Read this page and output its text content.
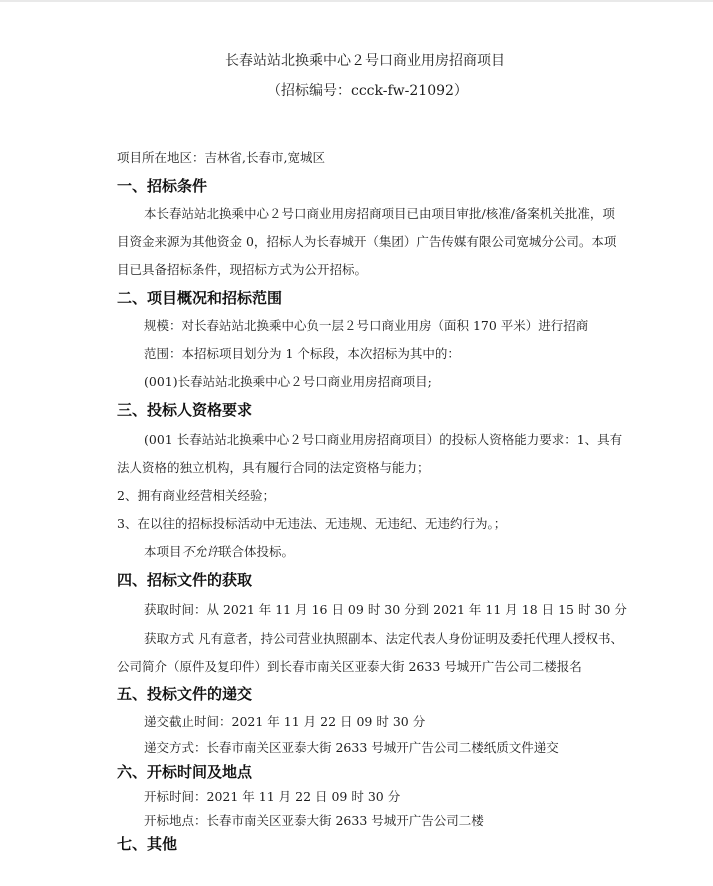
长春站站北换乘中心２号口商业用房招商项目
（招标编号：ccck-fw-21092）
项目所在地区：吉林省,长春市,宽城区
一、招标条件
本长春站站北换乘中心２号口商业用房招商项目已由项目审批/核准/备案机关批准，项
目资金来源为其他资金 0，招标人为长春城开（集团）广告传媒有限公司宽城分公司。本项
目已具备招标条件，现招标方式为公开招标。
二、项目概况和招标范围
规模：对长春站站北换乘中心负一层２号口商业用房（面积 170 平米）进行招商
范围：本招标项目划分为 1 个标段，本次招标为其中的：
(001)长春站站北换乘中心２号口商业用房招商项目;
三、投标人资格要求
(001 长春站站北换乘中心２号口商业用房招商项目）的投标人资格能力要求：1、具有
法人资格的独立机构，具有履行合同的法定资格与能力；
2、拥有商业经营相关经验；
3、在以往的招标投标活动中无违法、无违规、无违纪、无违约行为。；
本项目不允许联合体投标。
四、招标文件的获取
获取时间：从 2021 年 11 月 16 日 09 时 30 分到 2021 年 11 月 18 日 15 时 30 分
获取方式 凡有意者，持公司营业执照副本、法定代表人身份证明及委托代理人授权书、
公司简介（原件及复印件）到长春市南关区亚泰大街 2633 号城开广告公司二楼报名
五、投标文件的递交
递交截止时间：2021 年 11 月 22 日 09 时 30 分
递交方式：长春市南关区亚泰大街 2633 号城开广告公司二楼纸质文件递交
六、开标时间及地点
开标时间：2021 年 11 月 22 日 09 时 30 分
开标地点：长春市南关区亚泰大街 2633 号城开广告公司二楼
七、其他
